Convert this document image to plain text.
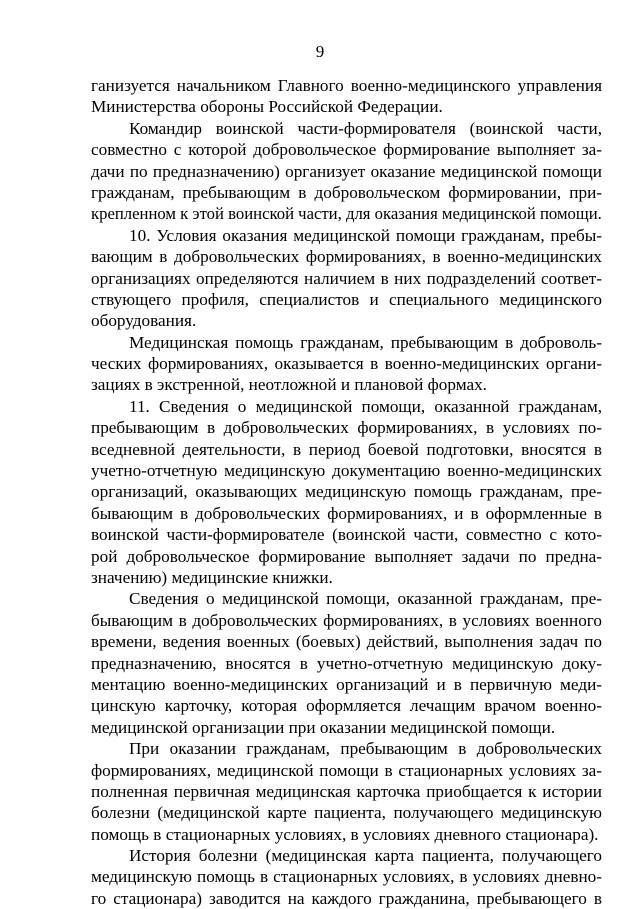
9
ганизуется начальником Главного военно-медицинского управления
Министерства обороны Российской Федерации.
Командир воинской части-формирователя (воинской части,
совместно с которой добровольческое формирование выполняет за-
дачи по предназначению) организует оказание медицинской помощи
гражданам, пребывающим в добровольческом формировании, при-
крепленном к этой воинской части, для оказания медицинской помощи.
10. Условия оказания медицинской помощи гражданам, пребы-
вающим в добровольческих формированиях, в военно-медицинских
организациях определяются наличием в них подразделений соответ-
ствующего профиля, специалистов и специального медицинского
оборудования.
Медицинская помощь гражданам, пребывающим в доброволь-
ческих формированиях, оказывается в военно-медицинских органи-
зациях в экстренной, неотложной и плановой формах.
11. Сведения о медицинской помощи, оказанной гражданам,
пребывающим в добровольческих формированиях, в условиях по-
вседневной деятельности, в период боевой подготовки, вносятся в
учетно-отчетную медицинскую документацию военно-медицинских
организаций, оказывающих медицинскую помощь гражданам, пре-
бывающим в добровольческих формированиях, и в оформленные в
воинской части-формирователе (воинской части, совместно с кото-
рой добровольческое формирование выполняет задачи по предна-
значению) медицинские книжки.
Сведения о медицинской помощи, оказанной гражданам, пре-
бывающим в добровольческих формированиях, в условиях военного
времени, ведения военных (боевых) действий, выполнения задач по
предназначению, вносятся в учетно-отчетную медицинскую доку-
ментацию военно-медицинских организаций и в первичную меди-
цинскую карточку, которая оформляется лечащим врачом военно-
медицинской организации при оказании медицинской помощи.
При оказании гражданам, пребывающим в добровольческих
формированиях, медицинской помощи в стационарных условиях за-
полненная первичная медицинская карточка приобщается к истории
болезни (медицинской карте пациента, получающего медицинскую
помощь в стационарных условиях, в условиях дневного стационара).
История болезни (медицинская карта пациента, получающего
медицинскую помощь в стационарных условиях, в условиях дневно-
го стационара) заводится на каждого гражданина, пребывающего в
